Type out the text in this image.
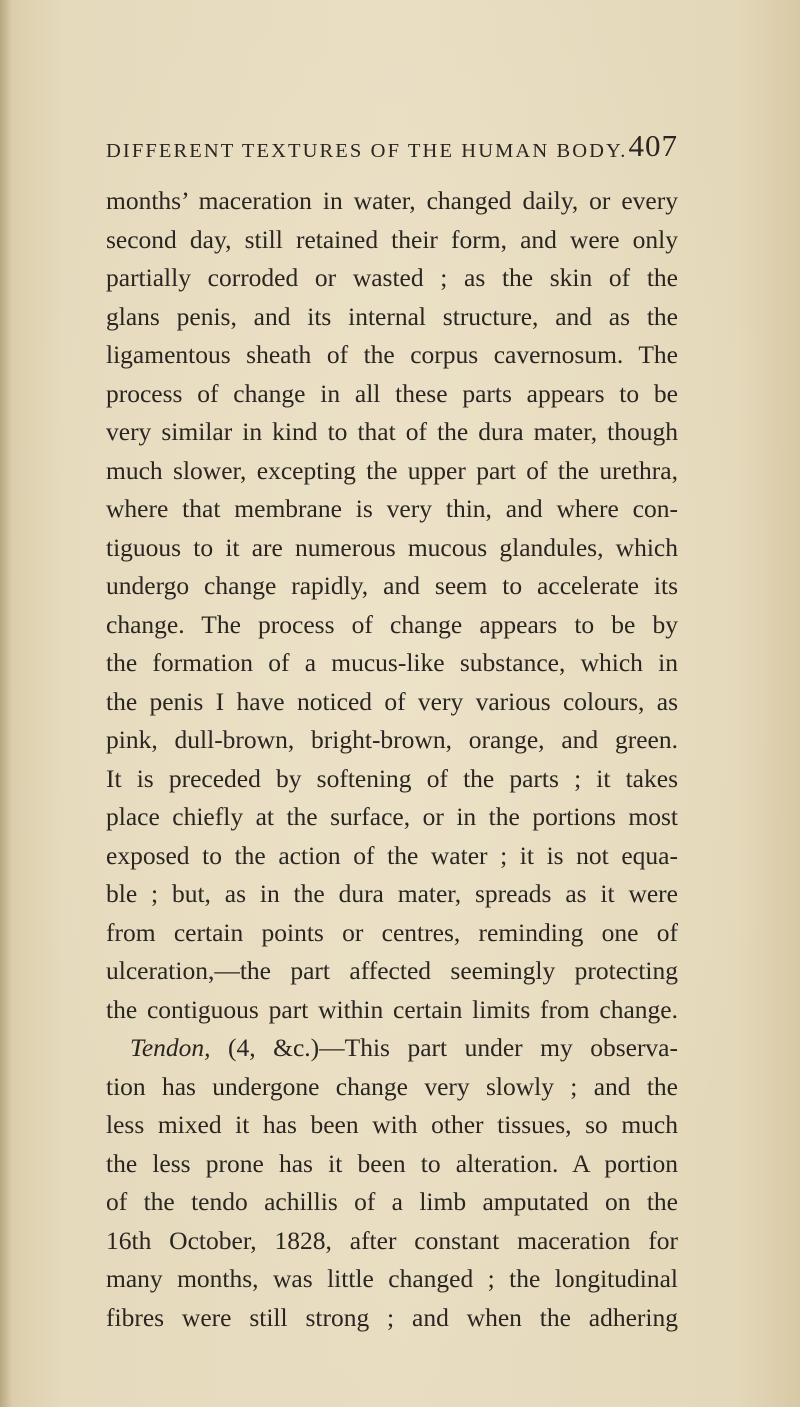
DIFFERENT TEXTURES OF THE HUMAN BODY. 407
months’ maceration in water, changed daily, or every
second day, still retained their form, and were only
partially corroded or wasted ; as the skin of the
glans penis, and its internal structure, and as the
ligamentous sheath of the corpus cavernosum. The
process of change in all these parts appears to be
very similar in kind to that of the dura mater, though
much slower, excepting the upper part of the urethra,
where that membrane is very thin, and where con-
tiguous to it are numerous mucous glandules, which
undergo change rapidly, and seem to accelerate its
change. The process of change appears to be by
the formation of a mucus-like substance, which in
the penis I have noticed of very various colours, as
pink, dull-brown, bright-brown, orange, and green.
It is preceded by softening of the parts ; it takes
place chiefly at the surface, or in the portions most
exposed to the action of the water ; it is not equa-
ble ; but, as in the dura mater, spreads as it were
from certain points or centres, reminding one of
ulceration,—the part affected seemingly protecting
the contiguous part within certain limits from change.
Tendon, (4, &c.)—This part under my observa-
tion has undergone change very slowly ; and the
less mixed it has been with other tissues, so much
the less prone has it been to alteration. A portion
of the tendo achillis of a limb amputated on the
16th October, 1828, after constant maceration for
many months, was little changed ; the longitudinal
fibres were still strong ; and when the adhering
